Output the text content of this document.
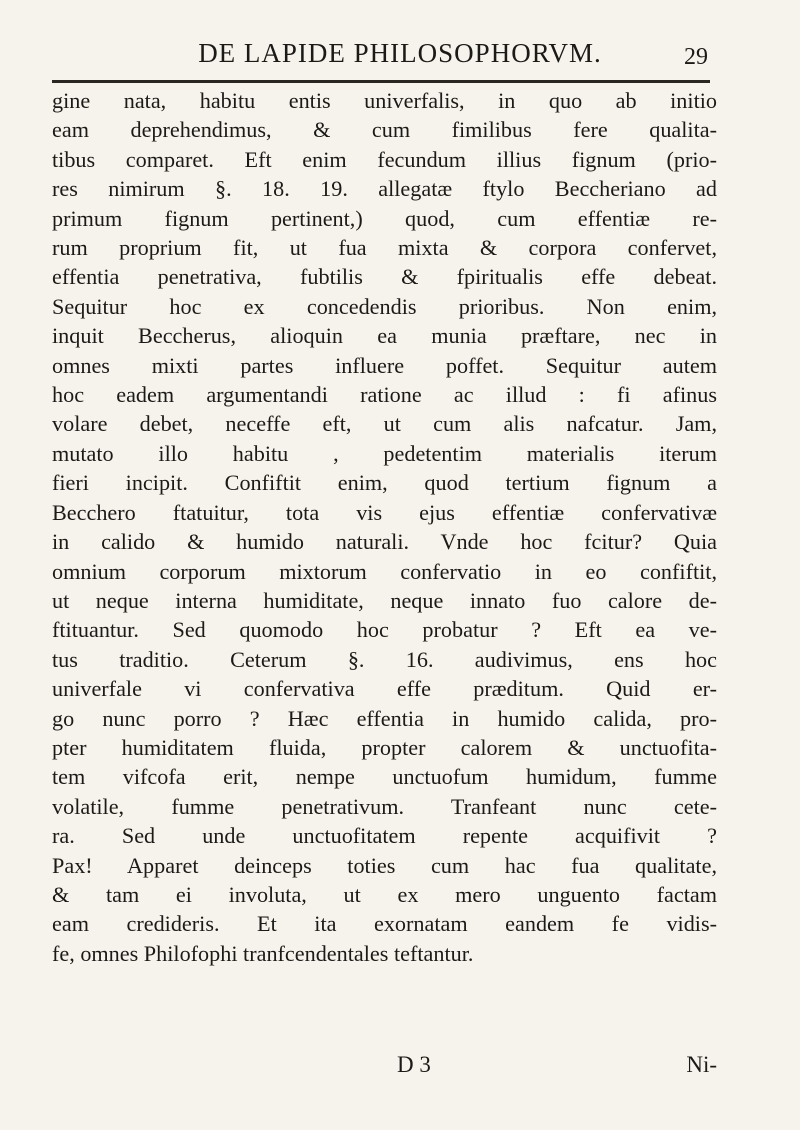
DE LAPIDE PHILOSOPHORVM.	29
gine nata, habitu entis univerfalis, in quo ab initio
eam deprehendimus, & cum fimilibus fere qualita-
tibus comparet. Eft enim fecundum illius fignum (prio-
res nimirum §. 18. 19. allegatæ ftylo Beccheriano ad
primum fignum pertinent,) quod, cum effentiæ re-
rum proprium fit, ut fua mixta & corpora confervet,
effentia penetrativa, fubtilis & fpiritualis effe debeat.
Sequitur hoc ex concedendis prioribus. Non enim,
inquit Beccherus, alioquin ea munia præftare, nec in
omnes mixti partes influere poffet. Sequitur autem
hoc eadem argumentandi ratione ac illud : fi afinus
volare debet, neceffe eft, ut cum alis nafcatur. Jam,
mutato illo habitu , pedetentim materialis iterum
fieri incipit. Confiftit enim, quod tertium fignum a
Becchero ftatuitur, tota vis ejus effentiæ confervativæ
in calido & humido naturali. Vnde hoc fcitur? Quia
omnium corporum mixtorum confervatio in eo confiftit,
ut neque interna humiditate, neque innato fuo calore de-
ftituantur. Sed quomodo hoc probatur ? Eft ea ve-
tus traditio. Ceterum §. 16. audivimus, ens hoc
univerfale vi confervativa effe præditum. Quid er-
go nunc porro ? Hæc effentia in humido calida, pro-
pter humiditatem fluida, propter calorem & unctuofita-
tem vifcofa erit, nempe unctuofum humidum, fumme
volatile, fumme penetrativum. Tranfeant nunc cete-
ra. Sed unde unctuofitatem repente acquifivit ?
Pax! Apparet deinceps toties cum hac fua qualitate,
& tam ei involuta, ut ex mero unguento factam
eam credideris. Et ita exornatam eandem fe vidis-
fe, omnes Philofophi tranfcendentales teftantur.
D 3	Ni-
